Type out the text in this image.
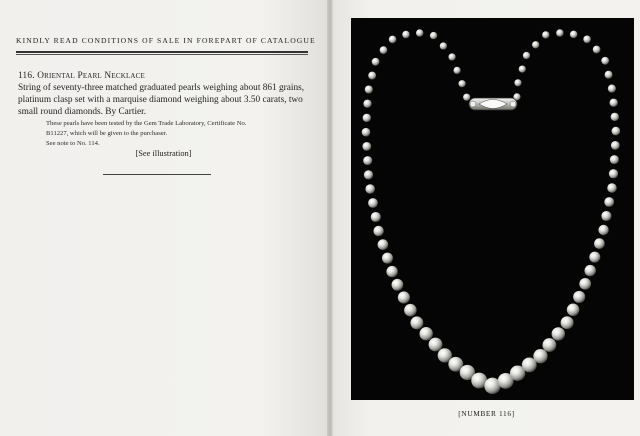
KINDLY READ CONDITIONS OF SALE IN FOREPART OF CATALOGUE
116. Oriental Pearl Necklace
String of seventy-three matched graduated pearls weighing about 861 grains,
platinum clasp set with a marquise diamond weighing about 3.50 carats, two
small round diamonds. By Cartier.
These pearls have been tested by the Gem Trade Laboratory, Certificate No.
B11227, which will be given to the purchaser.
See note to No. 114.
[See illustration]
[NUMBER 116]
